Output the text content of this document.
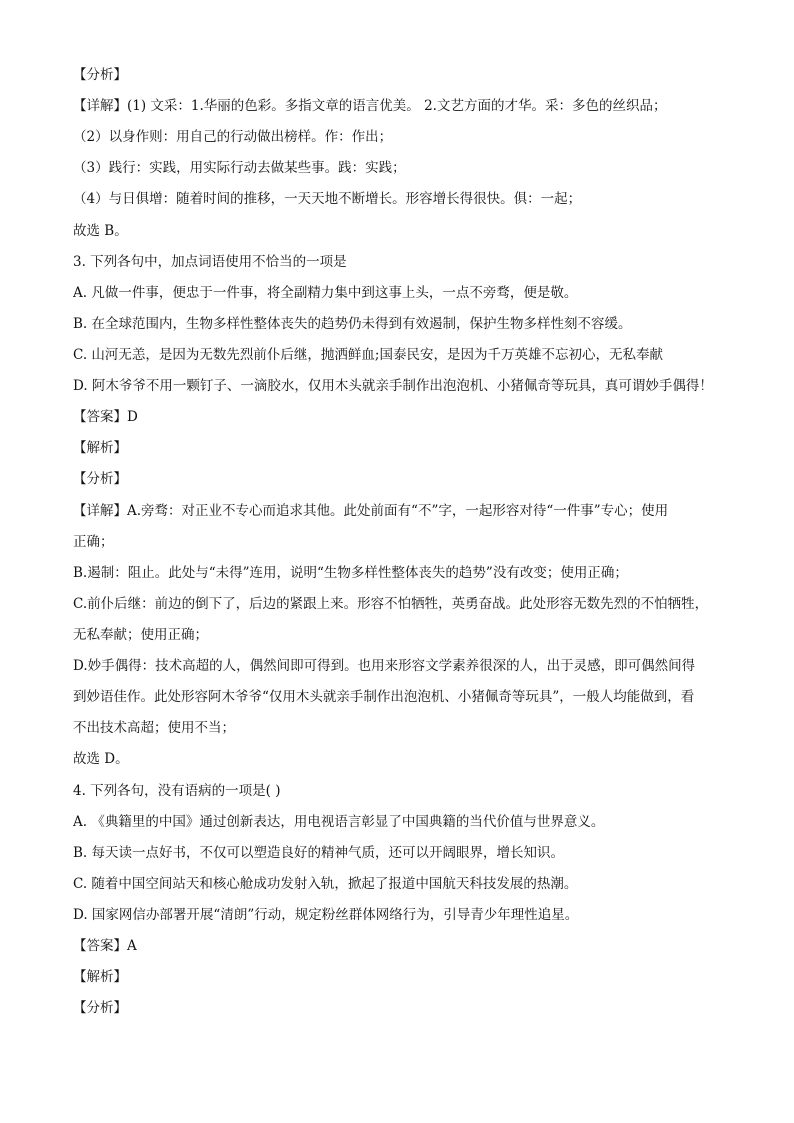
【分析】
【详解】(1) 文采：1.华丽的色彩。多指文章的语言优美。 2.文艺方面的才华。采：多色的丝织品；
（2）以身作则：用自己的行动做出榜样。作：作出；
（3）践行：实践，用实际行动去做某些事。践：实践；
（4）与日俱增：随着时间的推移，一天天地不断增长。形容增长得很快。俱：一起；
故选 B。
3. 下列各句中，加点词语使用不恰当的一项是
A. 凡做一件事，便忠于一件事，将全副精力集中到这事上头，一点不旁骛，便是敬。
B. 在全球范围内，生物多样性整体丧失的趋势仍未得到有效遏制，保护生物多样性刻不容缓。
C. 山河无恙，是因为无数先烈前仆后继，抛洒鲜血;国泰民安，是因为千万英雄不忘初心，无私奉献
D. 阿木爷爷不用一颗钉子、一滴胶水，仅用木头就亲手制作出泡泡机、小猪佩奇等玩具，真可谓妙手偶得！
【答案】D
【解析】
【分析】
【详解】A.旁骛：对正业不专心而追求其他。此处前面有“不”字，一起形容对待“一件事”专心；使用
正确；
B.遏制：阻止。此处与“未得”连用，说明“生物多样性整体丧失的趋势”没有改变；使用正确；
C.前仆后继：前边的倒下了，后边的紧跟上来。形容不怕牺牲，英勇奋战。此处形容无数先烈的不怕牺牲，
无私奉献；使用正确；
D.妙手偶得：技术高超的人，偶然间即可得到。也用来形容文学素养很深的人，出于灵感，即可偶然间得
到妙语佳作。此处形容阿木爷爷“仅用木头就亲手制作出泡泡机、小猪佩奇等玩具”，一般人均能做到，看
不出技术高超；使用不当；
故选 D。
4. 下列各句，没有语病的一项是( )
A. 《典籍里的中国》通过创新表达，用电视语言彰显了中国典籍的当代价值与世界意义。
B. 每天读一点好书，不仅可以塑造良好的精神气质，还可以开阔眼界，增长知识。
C. 随着中国空间站天和核心舱成功发射入轨，掀起了报道中国航天科技发展的热潮。
D. 国家网信办部署开展“清朗”行动，规定粉丝群体网络行为，引导青少年理性追星。
【答案】A
【解析】
【分析】
